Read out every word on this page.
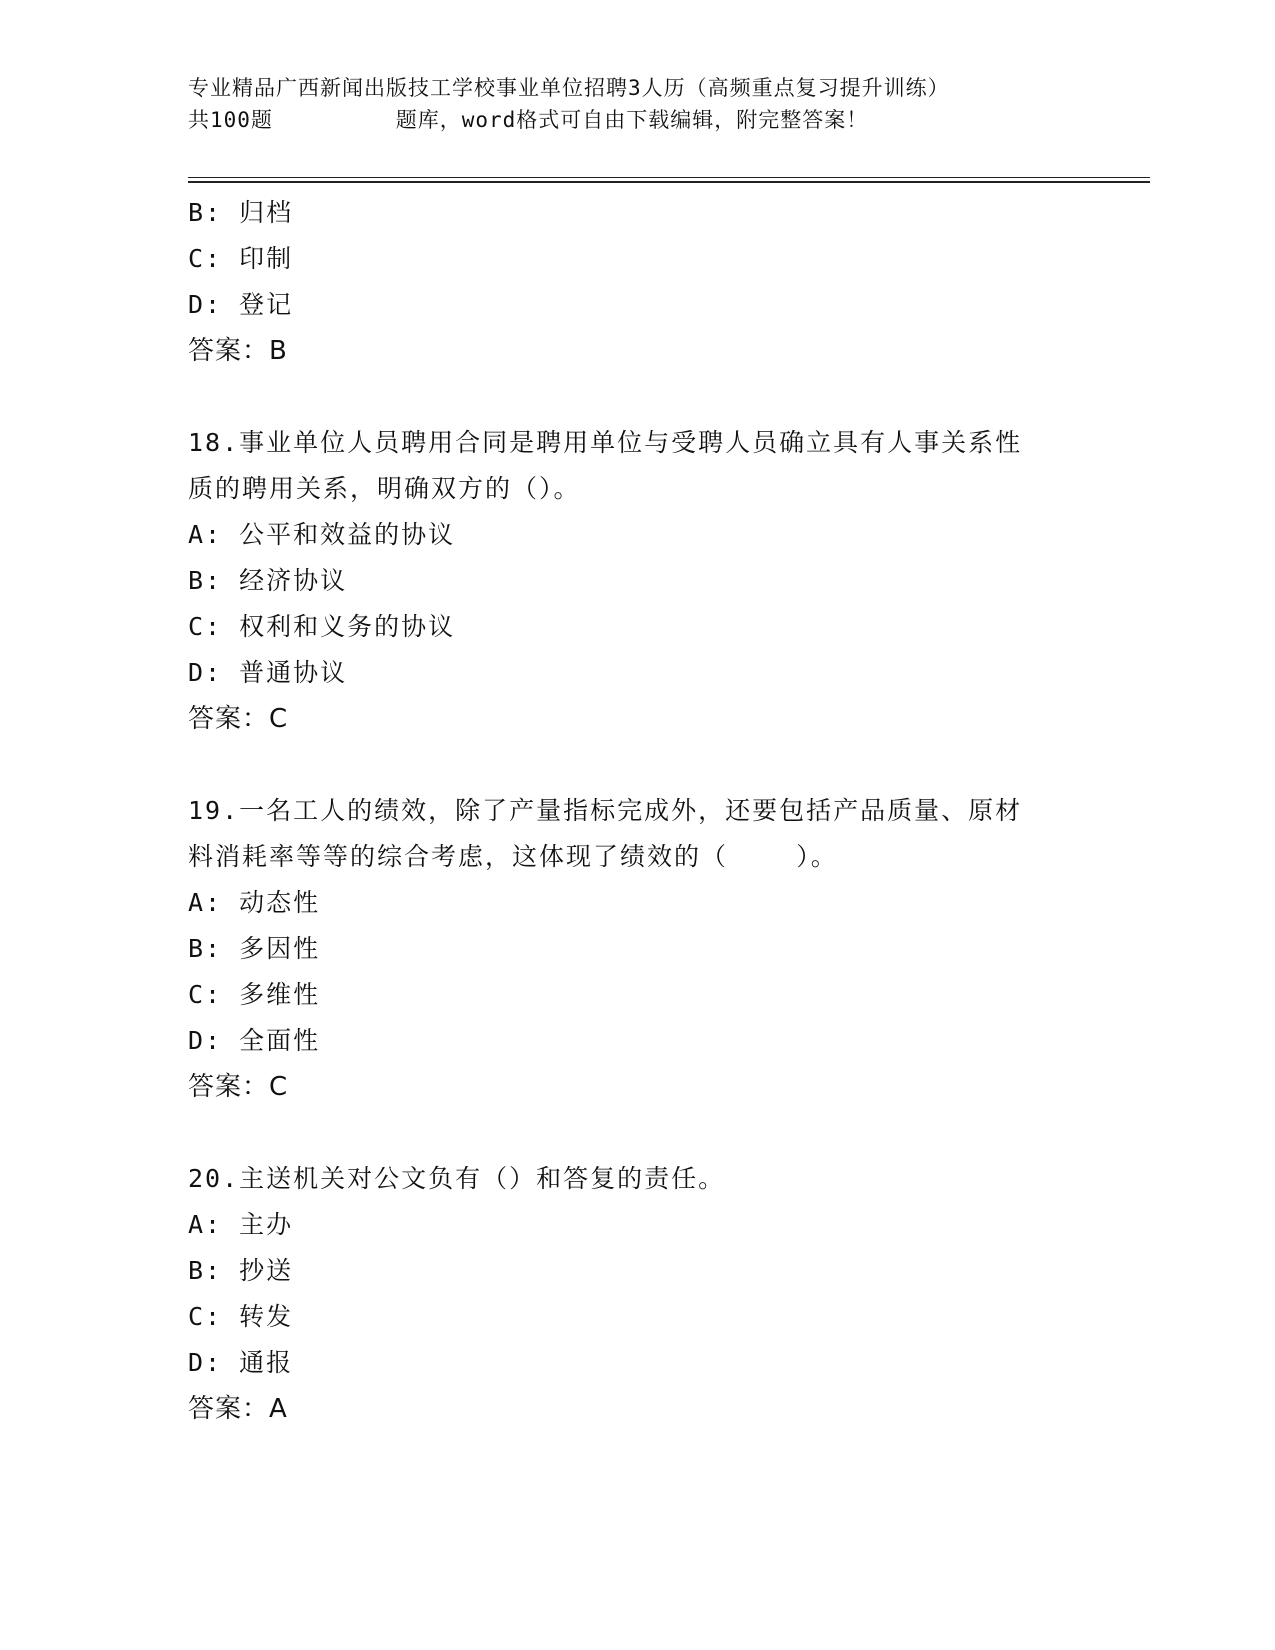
专业精品广西新闻出版技工学校事业单位招聘3人历（高频重点复习提升训练）
共100题         题库，word格式可自由下载编辑，附完整答案！
B: 归档
C: 印制
D: 登记
答案：B
18.事业单位人员聘用合同是聘用单位与受聘人员确立具有人事关系性
质的聘用关系，明确双方的（）。
A: 公平和效益的协议
B: 经济协议
C: 权利和义务的协议
D: 普通协议
答案：C
19.一名工人的绩效，除了产量指标完成外，还要包括产品质量、原材
料消耗率等等的综合考虑，这体现了绩效的（    ）。
A: 动态性
B: 多因性
C: 多维性
D: 全面性
答案：C
20.主送机关对公文负有（）和答复的责任。
A: 主办
B: 抄送
C: 转发
D: 通报
答案：A
